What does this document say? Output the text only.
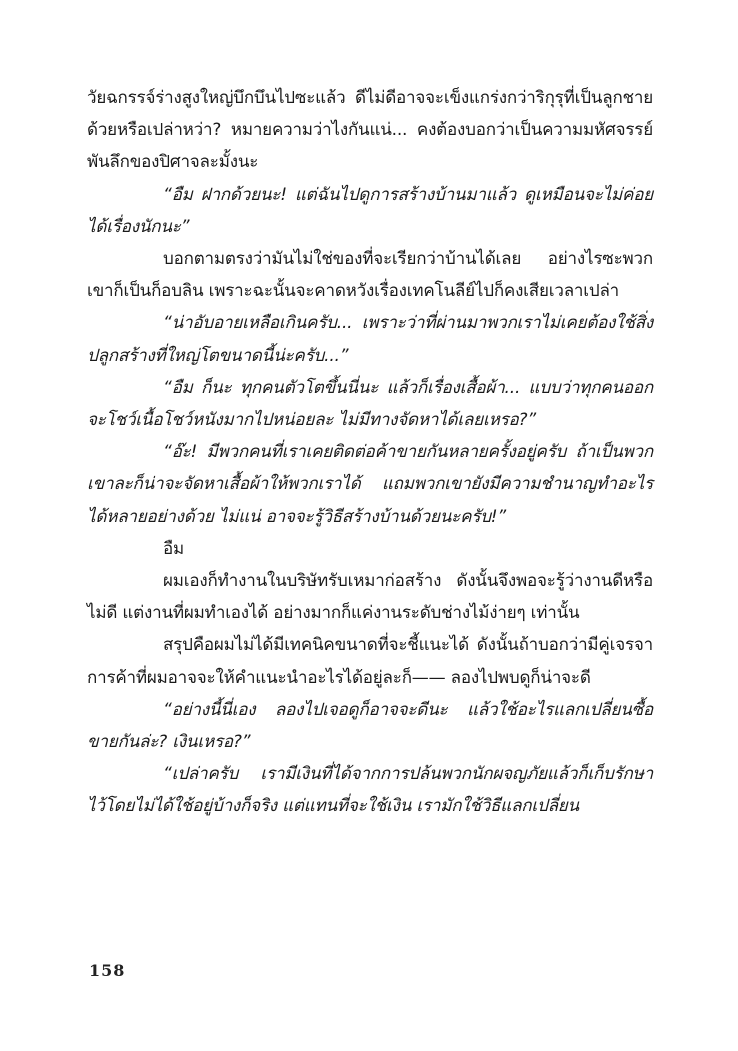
วัยฉกรรจ์ร่างสูงใหญ่บึกบึนไปซะแล้ว ดีไม่ดีอาจจะเข็งแกร่งกว่าริกุรุที่เป็นลูกชายด้วยหรือเปล่าหว่า? หมายความว่าไงกันแน่... คงต้องบอกว่าเป็นความมหัศจรรย์พันลึกของปิศาจละมั้งนะ

“อืม ฝากด้วยนะ! แต่ฉันไปดูการสร้างบ้านมาแล้ว ดูเหมือนจะไม่ค่อยได้เรื่องนักนะ”

บอกตามตรงว่ามันไม่ใช่ของที่จะเรียกว่าบ้านได้เลย อย่างไรซะพวกเขาก็เป็นก็อบลิน เพราะฉะนั้นจะคาดหวังเรื่องเทคโนลีย์ไปก็คงเสียเวลาเปล่า

“น่าอับอายเหลือเกินครับ... เพราะว่าที่ผ่านมาพวกเราไม่เคยต้องใช้สิ่งปลูกสร้างที่ใหญ่โตขนาดนี้น่ะครับ...”

“อืม ก็นะ ทุกคนตัวโตขึ้นนี่นะ แล้วก็เรื่องเสื้อผ้า... แบบว่าทุกคนออกจะโชว์เนื้อโชว์หนังมากไปหน่อยละ ไม่มีทางจัดหาได้เลยเหรอ?”

“อ๊ะ! มีพวกคนที่เราเคยติดต่อค้าขายกันหลายครั้งอยู่ครับ ถ้าเป็นพวกเขาละก็น่าจะจัดหาเสื้อผ้าให้พวกเราได้ แถมพวกเขายังมีความชำนาญทำอะไรได้หลายอย่างด้วย ไม่แน่ อาจจะรู้วิธีสร้างบ้านด้วยนะครับ!”

อืม

ผมเองก็ทำงานในบริษัทรับเหมาก่อสร้าง ดังนั้นจึงพอจะรู้ว่างานดีหรือไม่ดี แต่งานที่ผมทำเองได้ อย่างมากก็แค่งานระดับช่างไม้ง่ายๆ เท่านั้น

สรุปคือผมไม่ได้มีเทคนิคขนาดที่จะชี้แนะได้ ดังนั้นถ้าบอกว่ามีคู่เจรจาการค้าที่ผมอาจจะให้คำแนะนำอะไรได้อยู่ละก็—— ลองไปพบดูก็น่าจะดี

“อย่างนี้นี่เอง ลองไปเจอดูก็อาจจะดีนะ แล้วใช้อะไรแลกเปลี่ยนซื้อขายกันล่ะ? เงินเหรอ?”

“เปล่าครับ เรามีเงินที่ได้จากการปล้นพวกนักผจญภัยแล้วก็เก็บรักษาไว้โดยไม่ได้ใช้อยู่บ้างก็จริง แต่แทนที่จะใช้เงิน เรามักใช้วิธีแลกเปลี่ยน

158
